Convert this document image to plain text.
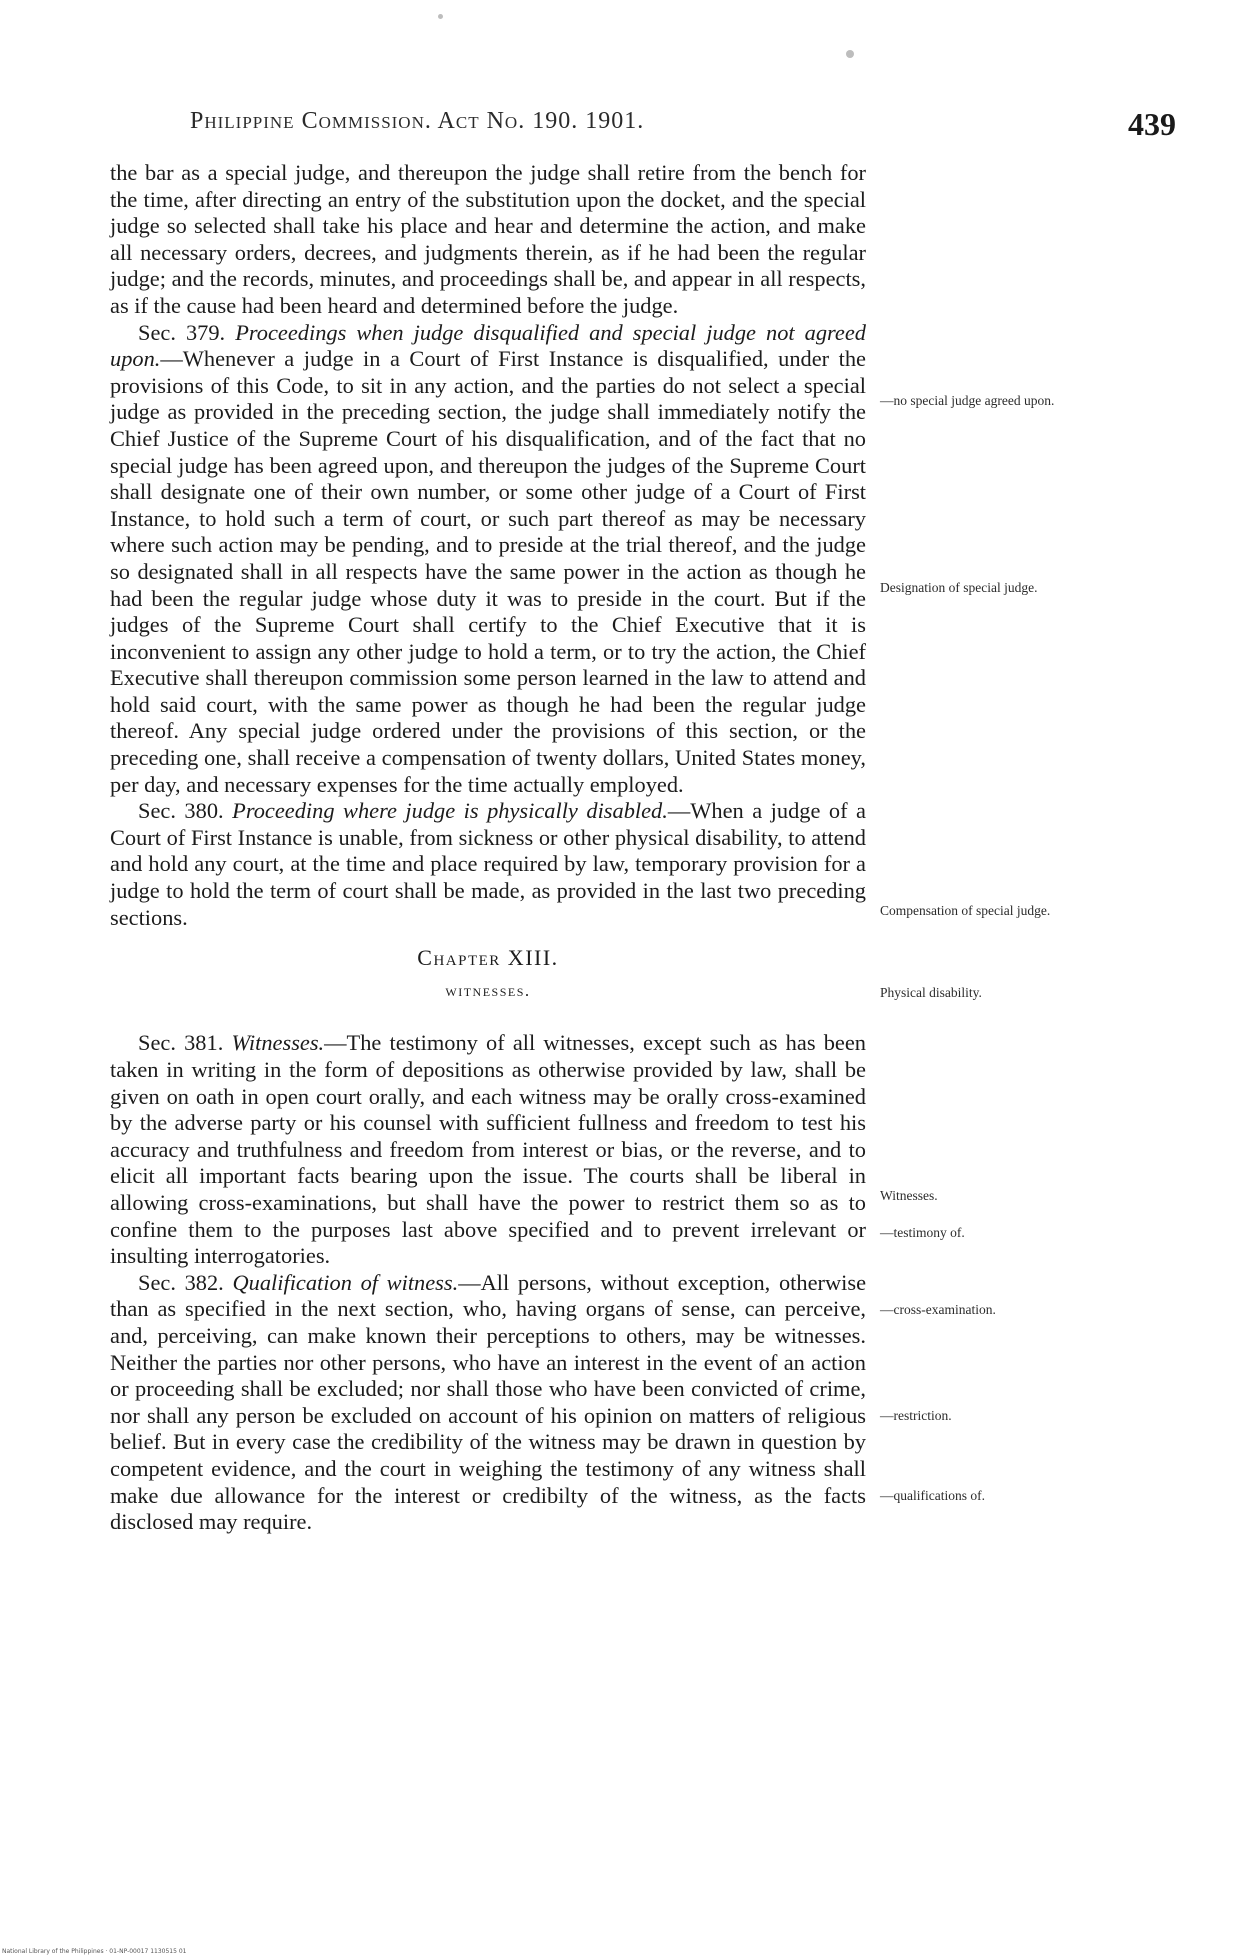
Philippine Commission. Act No. 190. 1901.	439

the bar as a special judge, and thereupon the judge shall retire from the bench for the time, after directing an entry of the substitution upon the docket, and the special judge so selected shall take his place and hear and determine the action, and make all necessary orders, decrees, and judgments therein, as if he had been the regular judge; and the records, minutes, and proceedings shall be, and appear in all respects, as if the cause had been heard and determined before the judge.

Sec. 379. Proceedings when judge disqualified and special judge not agreed upon.—Whenever a judge in a Court of First Instance is disqualified, under the provisions of this Code, to sit in any action, and the parties do not select a special judge as provided in the preceding section, the judge shall immediately notify the Chief Justice of the Supreme Court of his disqualification, and of the fact that no special judge has been agreed upon, and thereupon the judges of the Supreme Court shall designate one of their own number, or some other judge of a Court of First Instance, to hold such a term of court, or such part thereof as may be necessary where such action may be pending, and to preside at the trial thereof, and the judge so designated shall in all respects have the same power in the action as though he had been the regular judge whose duty it was to preside in the court. But if the judges of the Supreme Court shall certify to the Chief Executive that it is inconvenient to assign any other judge to hold a term, or to try the action, the Chief Executive shall thereupon commission some person learned in the law to attend and hold said court, with the same power as though he had been the regular judge thereof. Any special judge ordered under the provisions of this section, or the preceding one, shall receive a compensation of twenty dollars, United States money, per day, and necessary expenses for the time actually employed.

Sec. 380. Proceeding where judge is physically disabled.—When a judge of a Court of First Instance is unable, from sickness or other physical disability, to attend and hold any court, at the time and place required by law, temporary provision for a judge to hold the term of court shall be made, as provided in the last two preceding sections.

Chapter XIII.
witnesses.

Sec. 381. Witnesses.—The testimony of all witnesses, except such as has been taken in writing in the form of depositions as otherwise provided by law, shall be given on oath in open court orally, and each witness may be orally cross-examined by the adverse party or his counsel with sufficient fullness and freedom to test his accuracy and truthfulness and freedom from interest or bias, or the reverse, and to elicit all important facts bearing upon the issue. The courts shall be liberal in allowing cross-examinations, but shall have the power to restrict them so as to confine them to the purposes last above specified and to prevent irrelevant or insulting interrogatories.

Sec. 382. Qualification of witness.—All persons, without exception, otherwise than as specified in the next section, who, having organs of sense, can perceive, and, perceiving, can make known their perceptions to others, may be witnesses. Neither the parties nor other persons, who have an interest in the event of an action or proceeding shall be excluded; nor shall those who have been convicted of crime, nor shall any person be excluded on account of his opinion on matters of religious belief. But in every case the credibility of the witness may be drawn in question by competent evidence, and the court in weighing the testimony of any witness shall make due allowance for the interest or credibilty of the witness, as the facts disclosed may require.

—no special judge agreed upon.
Designation of special judge.
Compensation of special judge.
Physical disability.
Witnesses.
—testimony of.
—cross-examination.
—restriction.
—qualifications of.
National Library of the Philippines · 01-NP-00017 1130515 01
